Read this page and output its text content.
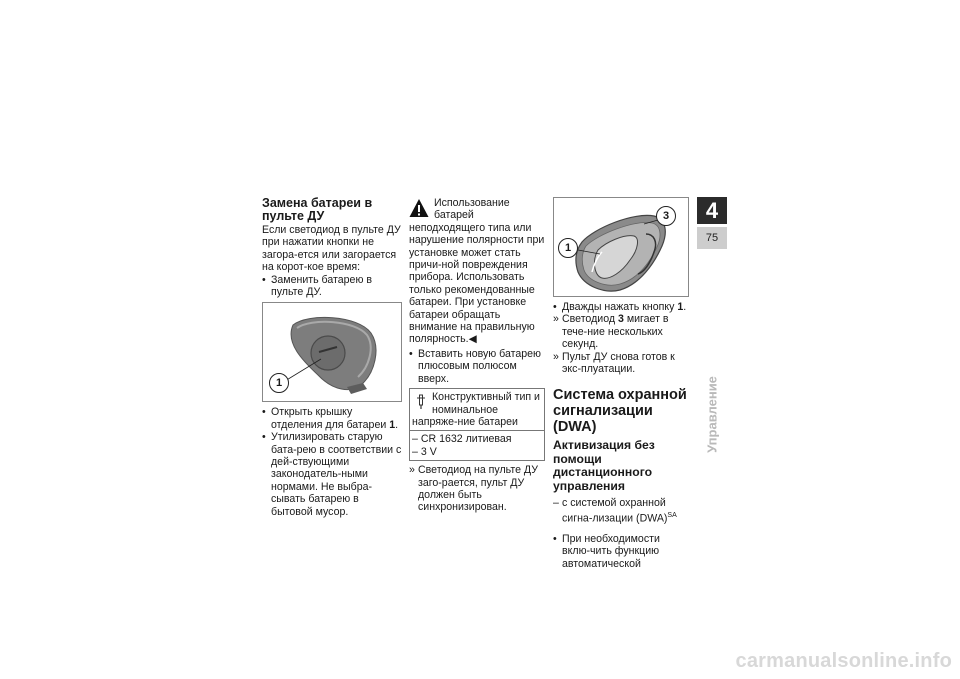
Замена батареи в пульте ДУ

Если светодиод в пульте ДУ при нажатии кнопки не загора-ется или загорается на корот-кое время:

• Заменить батарею в пульте ДУ.
1
• Открыть крышку отделения для батареи 1.
• Утилизировать старую бата-рею в соответствии с дей-ствующими законодатель-ными нормами. Не выбра-сывать батарею в бытовой мусор.
Использование батарей неподходящего типа или нарушение полярности при установке может стать причи-ной повреждения прибора. Использовать только рекомендованные батареи. При установке батареи обращать внимание на правильную полярность.◀
• Вставить новую батарею плюсовым полюсом вверх.
Конструктивный тип и номинальное напряже-ние батареи

– CR 1632 литиевая
– 3 V
» Светодиод на пульте ДУ заго-рается, пульт ДУ должен быть синхронизирован.
3
1
• Дважды нажать кнопку 1.
» Светодиод 3 мигает в тече-ние нескольких секунд.
» Пульт ДУ снова готов к экс-плуатации.
Система охранной сигнализации (DWA)
Активизация без помощи дистанционного управления
– с системой охранной сигна-лизации (DWA)$^{SA}$
• При необходимости вклю-чить функцию автоматической
4
75
Управление
carmanualsonline.info
